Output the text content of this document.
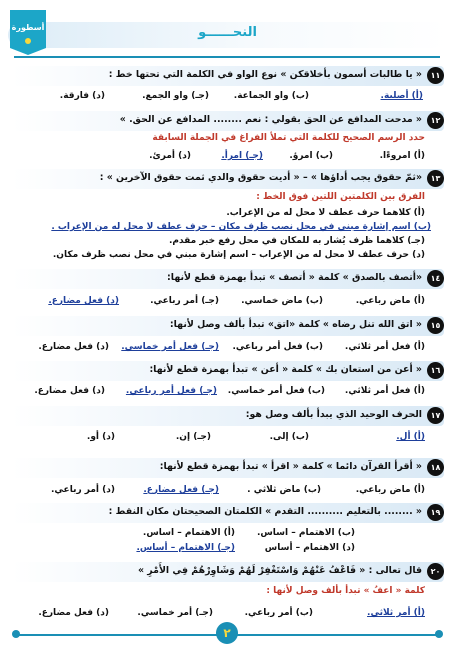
النحــــــو
أسطورة
١١
« يا طالبات أسمون بأخلاقكن » نوع الواو في الكلمة التي تحتها خط :
(أ) أصلية.
(ب) واو الجماعة.
(جـ) واو الجمع.
(د) فارقة.
١٢
« مدحت المدافع عن الحق بقولي : نعم ........ المدافع عن الحق. »
حدد الرسم الصحيح للكلمة التي تملأ الفراغ في الجملة السابقة
(أ) امروءًا.
(ب) امرؤ.
(جـ) امرأ.
(د) أمرئ.
١٣
«ثمّ حقوق يجب أداؤها » – « أديت حقوق والدي ثمت حقوق الآخرين » :
الفرق بين الكلمتين اللتين فوق الخط :
(أ) كلاهما حرف عطف لا محل له من الإعراب.
(ب) اسم إشارة مبني في محل نصب ظرف مكان – حرف عطف لا محل له من الإعراب .
(جـ) كلاهما ظرف يُشار به للمكان في محل رفع خبر مقدم.
(د) حرف عطف لا محل له من الإعراب – اسم إشارة مبني في محل نصب ظرف مكان.
١٤
«أتصف بالصدق » كلمة « أتصف » تبدأ بهمزة قطع لأنها:
(أ) ماض رباعي.
(ب) ماض خماسي.
(جـ) أمر رباعي.
(د) فعل مضارع.
١٥
« اتق الله تنل رضاه » كلمة «اتق» تبدأ بألف وصل لأنها:
(أ) فعل أمر ثلاثي.
(ب) فعل أمر رباعي.
(جـ) فعل أمر خماسي.
(د) فعل مضارع.
١٦
« أعن من استعان بك » كلمة « أعن » تبدأ بهمزة قطع لأنها:
(أ) فعل أمر ثلاثي.
(ب) فعل أمر خماسي.
(جـ) فعل أمر رباعي.
(د) فعل مضارع.
١٧
الحرف الوحيد الذي يبدأ بألف وصل هو:
(أ) أل.
(ب) إلى.
(جـ) إن.
(د) أو.
١٨
« أقرأ القرآن دائما » كلمة « اقرأ » تبدأ بهمزة قطع لأنها:
(أ) ماض رباعي.
(ب) ماض ثلاثي .
(جـ) فعل مضارع.
(د) أمر رباعي.
١٩
« ........ بالتعليم .......... التقدم » الكلمتان الصحيحتان مكان النقط :
(أ) الاهتمام – اساس. (ب) الاهتمام – اساس.
(جـ) الاهتمام – أساس.	(د) الاهتمام – أساس
٢٠
قال تعالى : « فَاعْفُ عَنْهُمْ وَاسْتَغْفِرْ لَهُمْ وَشَاوِرْهُمْ فِي الأَمْرِ »
كلمة « اعفُ » تبدأ بألف وصل لأنها :
(أ) أمر ثلاثي.
(ب) أمر رباعي.
(جـ) أمر خماسي.
(د) فعل مضارع.
٢
